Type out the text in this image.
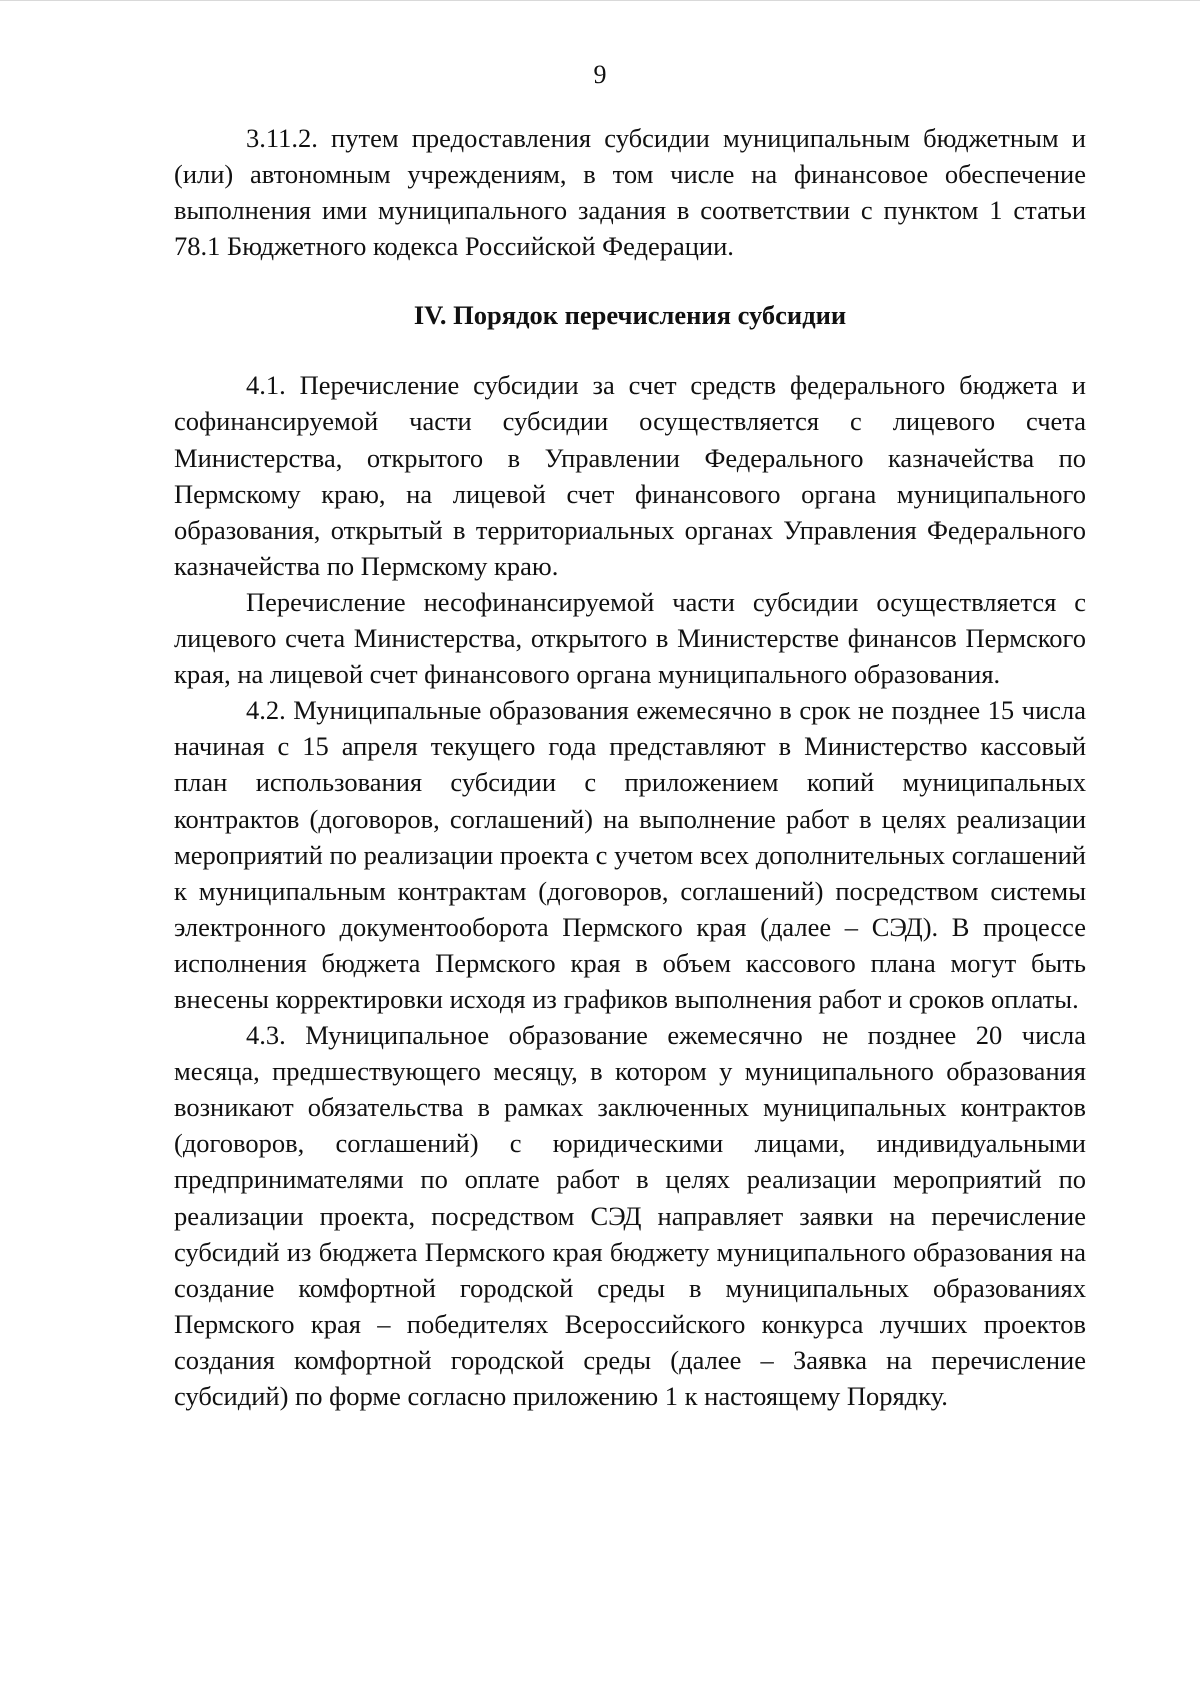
9

3.11.2. путем предоставления субсидии муниципальным бюджетным и (или) автономным учреждениям, в том числе на финансовое обеспечение выполнения ими муниципального задания в соответствии с пунктом 1 статьи 78.1 Бюджетного кодекса Российской Федерации.

IV. Порядок перечисления субсидии

4.1. Перечисление субсидии за счет средств федерального бюджета и софинансируемой части субсидии осуществляется с лицевого счета Министерства, открытого в Управлении Федерального казначейства по Пермскому краю, на лицевой счет финансового органа муниципального образования, открытый в территориальных органах Управления Федерального казначейства по Пермскому краю.

Перечисление несофинансируемой части субсидии осуществляется с лицевого счета Министерства, открытого в Министерстве финансов Пермского края, на лицевой счет финансового органа муниципального образования.

4.2. Муниципальные образования ежемесячно в срок не позднее 15 числа начиная с 15 апреля текущего года представляют в Министерство кассовый план использования субсидии с приложением копий муниципальных контрактов (договоров, соглашений) на выполнение работ в целях реализации мероприятий по реализации проекта с учетом всех дополнительных соглашений к муниципальным контрактам (договоров, соглашений) посредством системы электронного документооборота Пермского края (далее – СЭД). В процессе исполнения бюджета Пермского края в объем кассового плана могут быть внесены корректировки исходя из графиков выполнения работ и сроков оплаты.

4.3. Муниципальное образование ежемесячно не позднее 20 числа месяца, предшествующего месяцу, в котором у муниципального образования возникают обязательства в рамках заключенных муниципальных контрактов (договоров, соглашений) с юридическими лицами, индивидуальными предпринимателями по оплате работ в целях реализации мероприятий по реализации проекта, посредством СЭД направляет заявки на перечисление субсидий из бюджета Пермского края бюджету муниципального образования на создание комфортной городской среды в муниципальных образованиях Пермского края – победителях Всероссийского конкурса лучших проектов создания комфортной городской среды (далее – Заявка на перечисление субсидий) по форме согласно приложению 1 к настоящему Порядку.
